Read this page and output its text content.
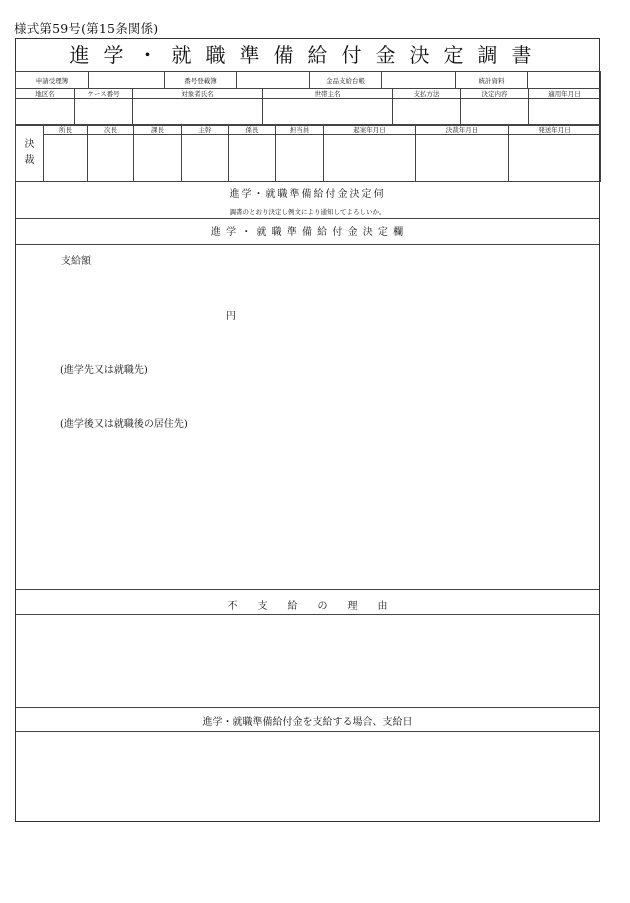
様式第59号(第15条関係)
進学・就職準備給付金決定調書
申請受理簿		番号登載簿		金品支給台帳		統計資料	
地区名	ケース番号	対象者氏名	世帯主名	支払方法	決定内容	適用年月日

決裁	所長	次長	課長	主幹	係長	担当員	起案年月日	決裁年月日	発送年月日

進学・就職準備給付金決定伺
調書のとおり決定し例文により通知してよろしいか。
進 学 ・ 就 職 準 備 給 付 金 決 定 欄
支給額
円
(進学先又は就職先)
(進学後又は就職後の居住先)
不　　支　　給　　の　　理　　由
進学・就職準備給付金を支給する場合、支給日
